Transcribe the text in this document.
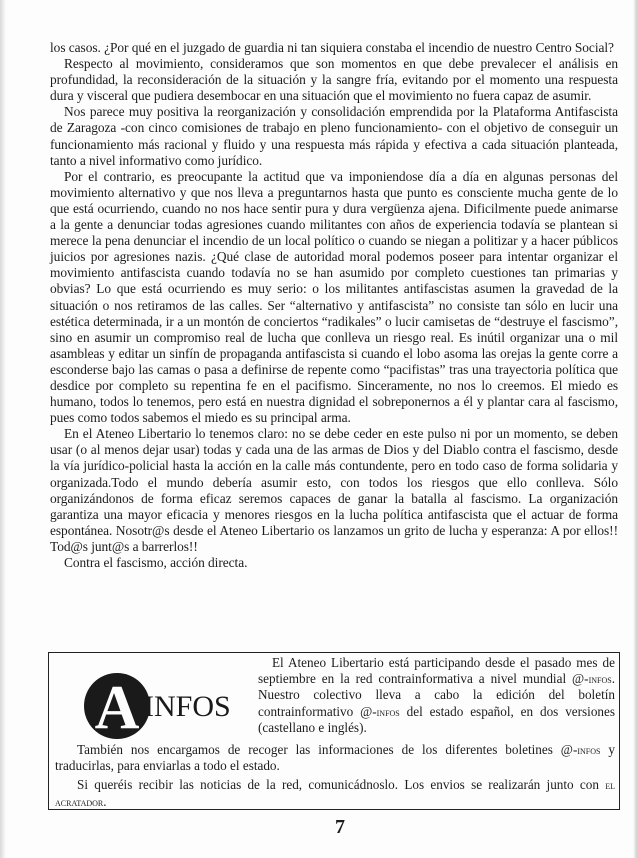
los casos. ¿Por qué en el juzgado de guardia ni tan siquiera constaba el incendio de nuestro Centro Social?

Respecto al movimiento, consideramos que son momentos en que debe prevalecer el análisis en profundidad, la reconsideración de la situación y la sangre fría, evitando por el momento una respuesta dura y visceral que pudiera desembocar en una situación que el movimiento no fuera capaz de asumir.

Nos parece muy positiva la reorganización y consolidación emprendida por la Plataforma Antifascista de Zaragoza -con cinco comisiones de trabajo en pleno funcionamiento- con el objetivo de conseguir un funcionamiento más racional y fluido y una respuesta más rápida y efectiva a cada situación planteada, tanto a nivel informativo como jurídico.

Por el contrario, es preocupante la actitud que va imponiendose día a día en algunas personas del movimiento alternativo y que nos lleva a preguntarnos hasta que punto es consciente mucha gente de lo que está ocurriendo, cuando no nos hace sentir pura y dura vergüenza ajena. Dificilmente puede animarse a la gente a denunciar todas agresiones cuando militantes con años de experiencia todavía se plantean si merece la pena denunciar el incendio de un local político o cuando se niegan a politizar y a hacer públicos juicios por agresiones nazis. ¿Qué clase de autoridad moral podemos poseer para intentar organizar el movimiento antifascista cuando todavía no se han asumido por completo cuestiones tan primarias y obvias? Lo que está ocurriendo es muy serio: o los militantes antifascistas asumen la gravedad de la situación o nos retiramos de las calles. Ser “alternativo y antifascista” no consiste tan sólo en lucir una estética determinada, ir a un montón de conciertos “radikales” o lucir camisetas de “destruye el fascismo”, sino en asumir un compromiso real de lucha que conlleva un riesgo real. Es inútil organizar una o mil asambleas y editar un sinfín de propaganda antifascista si cuando el lobo asoma las orejas la gente corre a esconderse bajo las camas o pasa a definirse de repente como “pacifistas” tras una trayectoria política que desdice por completo su repentina fe en el pacifismo. Sinceramente, no nos lo creemos. El miedo es humano, todos lo tenemos, pero está en nuestra dignidad el sobreponernos a él y plantar cara al fascismo, pues como todos sabemos el miedo es su principal arma.

En el Ateneo Libertario lo tenemos claro: no se debe ceder en este pulso ni por un momento, se deben usar (o al menos dejar usar) todas y cada una de las armas de Dios y del Diablo contra el fascismo, desde la vía jurídico-policial hasta la acción en la calle más contundente, pero en todo caso de forma solidaria y organizada.Todo el mundo debería asumir esto, con todos los riesgos que ello conlleva. Sólo organizándonos de forma eficaz seremos capaces de ganar la batalla al fascismo. La organización garantiza una mayor eficacia y menores riesgos en la lucha política antifascista que el actuar de forma espontánea. Nosotr@s desde el Ateneo Libertario os lanzamos un grito de lucha y esperanza: A por ellos!! Tod@s junt@s a barrerlos!!

Contra el fascismo, acción directa.

A INFOS

El Ateneo Libertario está participando desde el pasado mes de septiembre en la red contrainformativa a nivel mundial @-infos. Nuestro colectivo lleva a cabo la edición del boletín contrainformativo @-infos del estado español, en dos versiones (castellano e inglés).

También nos encargamos de recoger las informaciones de los diferentes boletines @-infos y traducirlas, para enviarlas a todo el estado.

Si queréis recibir las noticias de la red, comunicádnoslo. Los envios se realizarán junto con el acratador.

7
